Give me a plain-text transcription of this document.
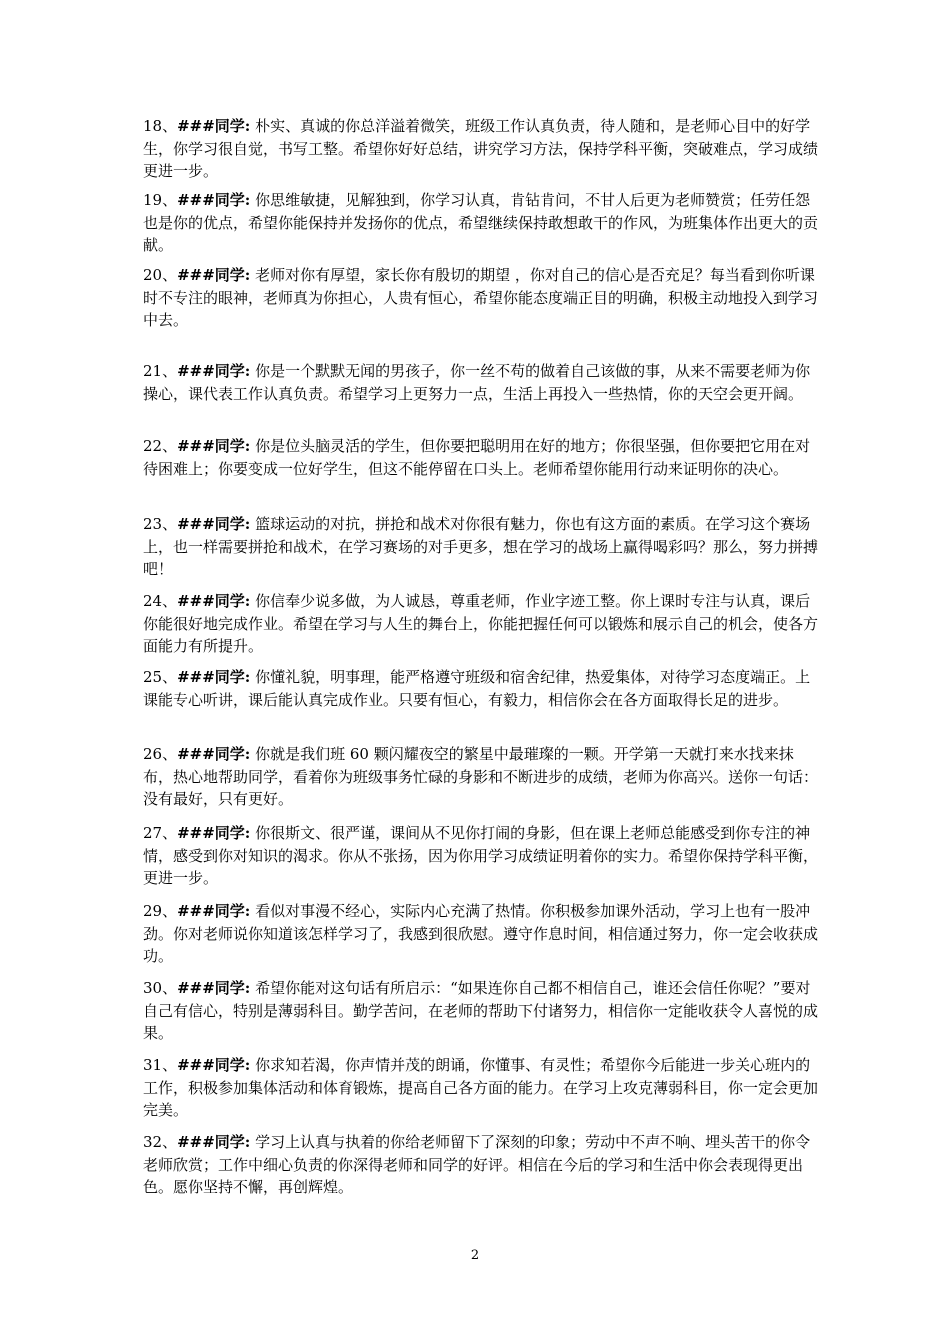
18、###同学: 朴实、真诚的你总洋溢着微笑，班级工作认真负责，待人随和，是老师心目中的好学生，你学习很自觉，书写工整。希望你好好总结，讲究学习方法，保持学科平衡，突破难点，学习成绩更进一步。

19、###同学: 你思维敏捷，见解独到，你学习认真，肯钻肯问，不甘人后更为老师赞赏；任劳任怨也是你的优点，希望你能保持并发扬你的优点，希望继续保持敢想敢干的作风，为班集体作出更大的贡献。

20、###同学: 老师对你有厚望，家长你有殷切的期望 ，你对自己的信心是否充足？每当看到你听课时不专注的眼神，老师真为你担心，人贵有恒心，希望你能态度端正目的明确，积极主动地投入到学习中去。

21、###同学: 你是一个默默无闻的男孩子，你一丝不苟的做着自己该做的事，从来不需要老师为你操心，课代表工作认真负责。希望学习上更努力一点，生活上再投入一些热情，你的天空会更开阔。

22、###同学: 你是位头脑灵活的学生，但你要把聪明用在好的地方；你很坚强，但你要把它用在对待困难上；你要变成一位好学生，但这不能停留在口头上。老师希望你能用行动来证明你的决心。

23、###同学: 篮球运动的对抗，拼抢和战术对你很有魅力，你也有这方面的素质。在学习这个赛场上，也一样需要拼抢和战术，在学习赛场的对手更多，想在学习的战场上赢得喝彩吗？那么，努力拼搏吧！

24、###同学: 你信奉少说多做，为人诚恳，尊重老师，作业字迹工整。你上课时专注与认真，课后你能很好地完成作业。希望在学习与人生的舞台上，你能把握任何可以锻炼和展示自己的机会，使各方面能力有所提升。

25、###同学: 你懂礼貌，明事理，能严格遵守班级和宿舍纪律，热爱集体，对待学习态度端正。上课能专心听讲，课后能认真完成作业。只要有恒心，有毅力，相信你会在各方面取得长足的进步。

26、###同学: 你就是我们班 60 颗闪耀夜空的繁星中最璀璨的一颗。开学第一天就打来水找来抹布，热心地帮助同学，看着你为班级事务忙碌的身影和不断进步的成绩，老师为你高兴。送你一句话：没有最好，只有更好。

27、###同学: 你很斯文、很严谨，课间从不见你打闹的身影，但在课上老师总能感受到你专注的神情，感受到你对知识的渴求。你从不张扬，因为你用学习成绩证明着你的实力。希望你保持学科平衡，更进一步。

29、###同学: 看似对事漫不经心，实际内心充满了热情。你积极参加课外活动，学习上也有一股冲劲。你对老师说你知道该怎样学习了，我感到很欣慰。遵守作息时间，相信通过努力，你一定会收获成功。

30、###同学: 希望你能对这句话有所启示：“如果连你自己都不相信自己，谁还会信任你呢？”要对自己有信心，特别是薄弱科目。勤学苦问，在老师的帮助下付诸努力，相信你一定能收获令人喜悦的成果。

31、###同学: 你求知若渴，你声情并茂的朗诵，你懂事、有灵性；希望你今后能进一步关心班内的工作，积极参加集体活动和体育锻炼，提高自己各方面的能力。在学习上攻克薄弱科目，你一定会更加完美。

32、###同学: 学习上认真与执着的你给老师留下了深刻的印象；劳动中不声不响、埋头苦干的你令老师欣赏；工作中细心负责的你深得老师和同学的好评。相信在今后的学习和生活中你会表现得更出色。愿你坚持不懈，再创辉煌。

2
